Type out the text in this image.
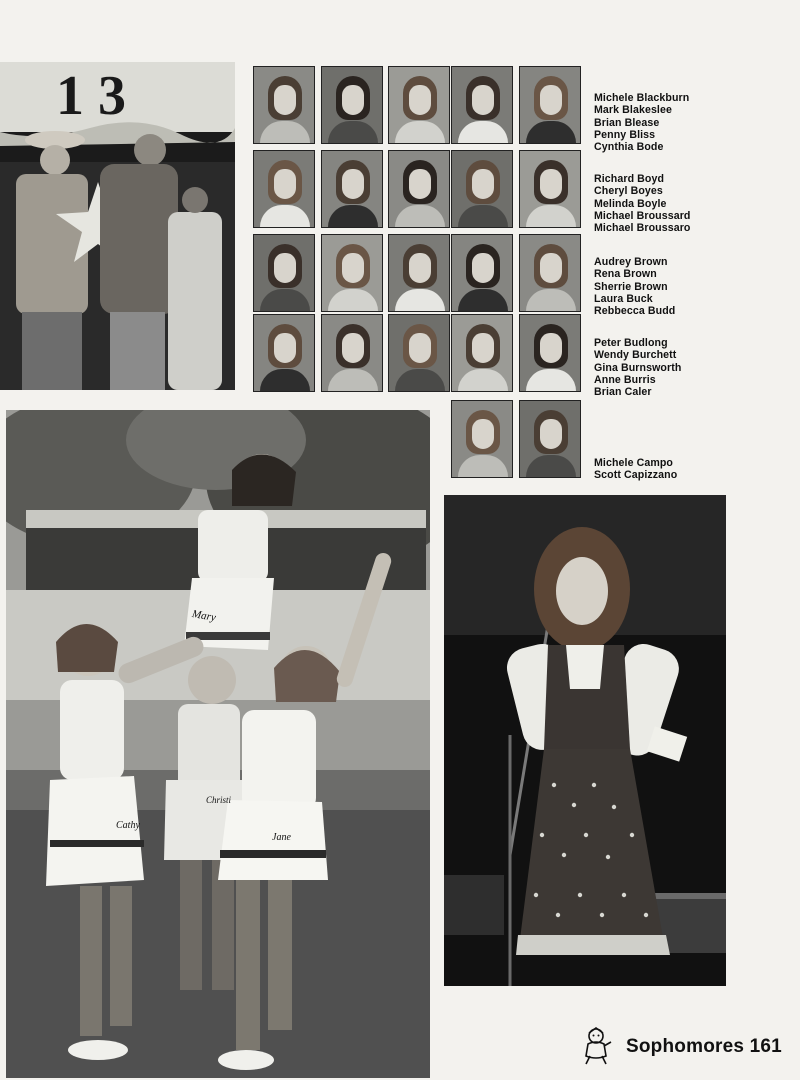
13	Michele Blackburn
Mark Blakeslee
Brian Blease
Penny Bliss
Cynthia Bode
Richard Boyd
Cheryl Boyes
Melinda Boyle
Michael Broussard
Michael Broussaro
Audrey Brown
Rena Brown
Sherrie Brown
Laura Buck
Rebbecca Budd
Peter Budlong
Wendy Burchett
Gina Burnsworth
Anne Burris
Brian Caler
Michele Campo
Scott Capizzano
Mary
Cathy
Christi
Jane
Sophomores 161
